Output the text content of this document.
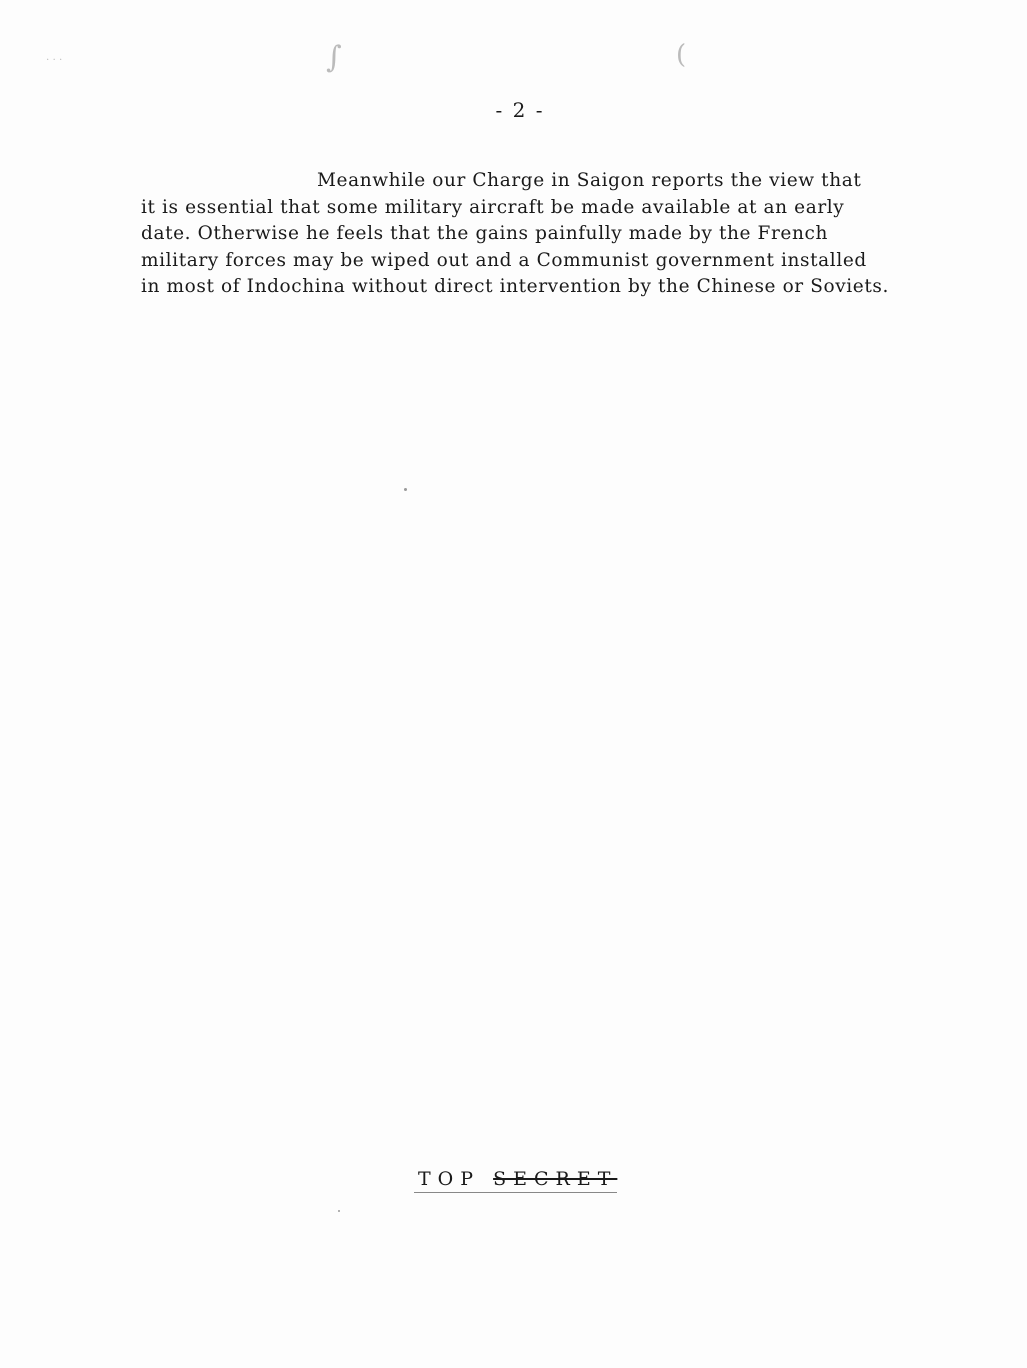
․ ․ ․	∫	(
- 2 -
Meanwhile our Charge in Saigon reports the view that
it is essential that some military aircraft be made available at an early
date. Otherwise he feels that the gains painfully made by the French
military forces may be wiped out and a Communist government installed
in most of Indochina without direct intervention by the Chinese or Soviets.
TOP SECRET
